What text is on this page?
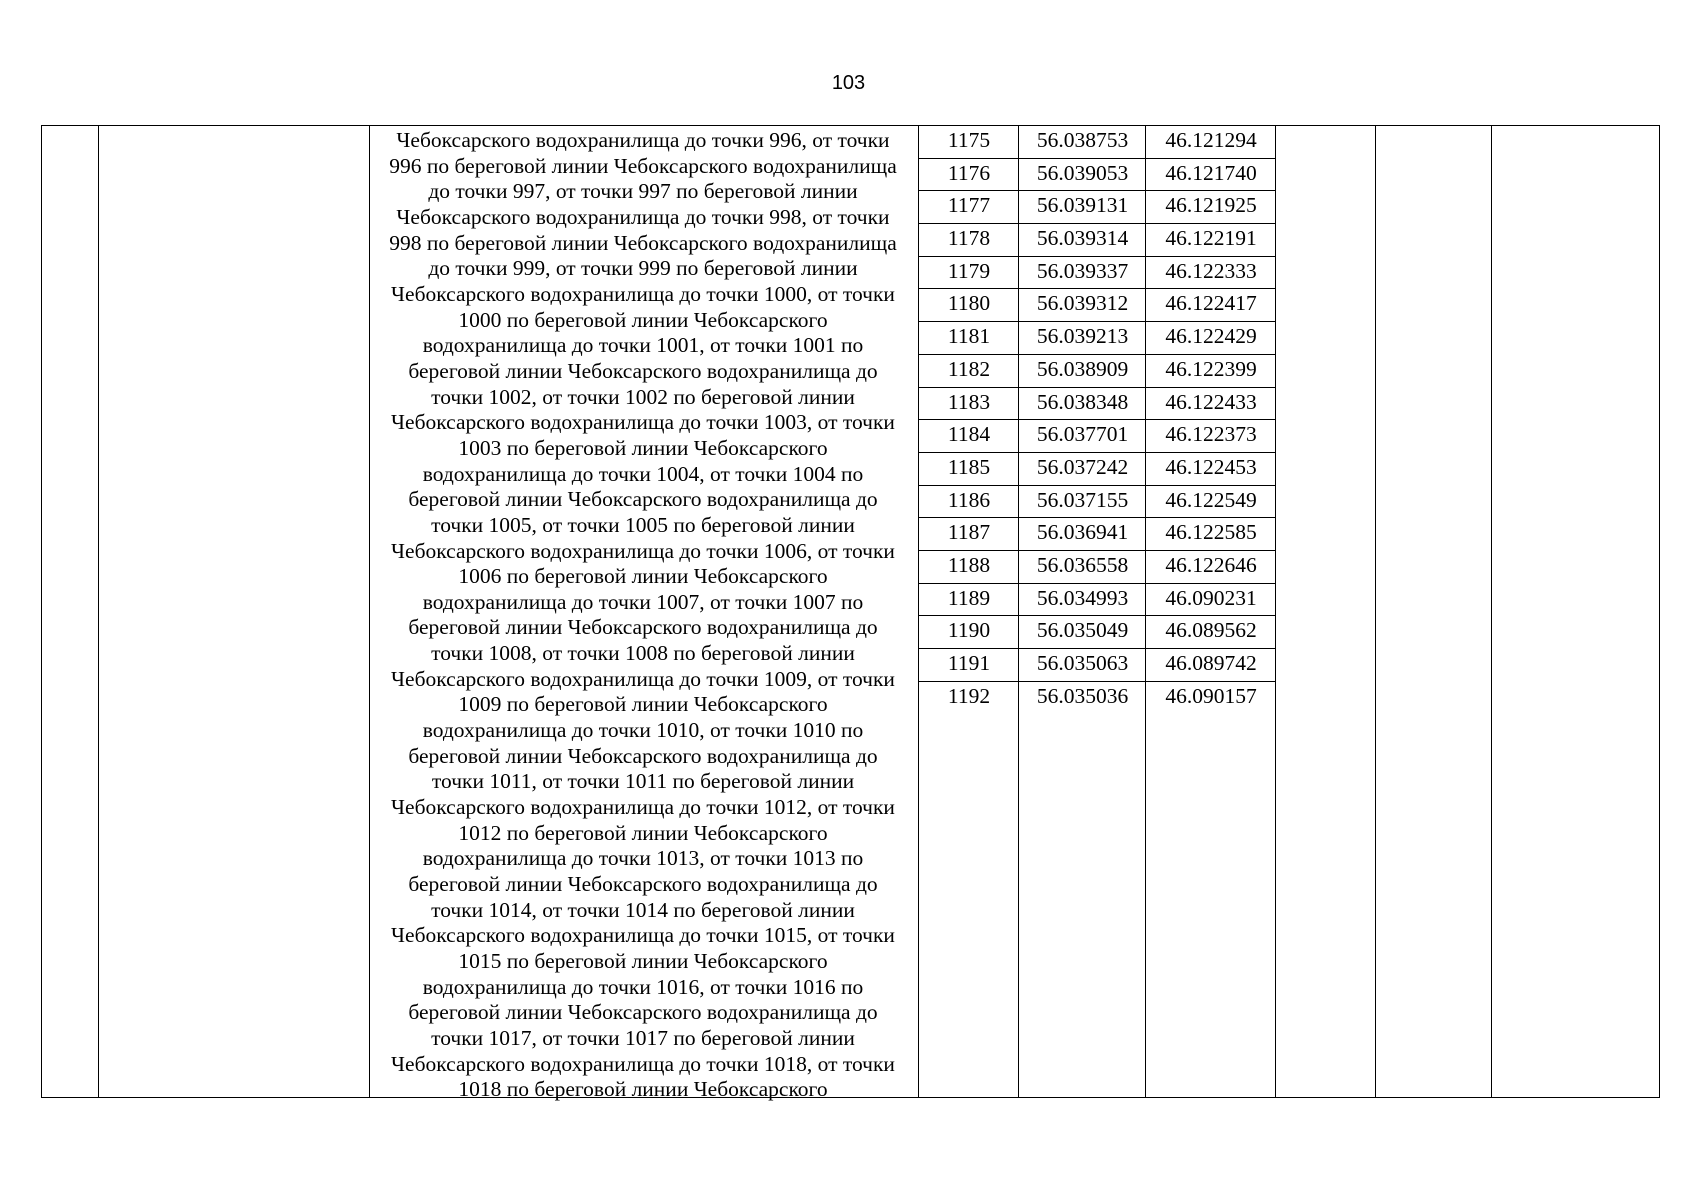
103
Чебоксарского водохранилища до точки 996, от точки
996 по береговой линии Чебоксарского водохранилища
до точки 997, от точки 997 по береговой линии
Чебоксарского водохранилища до точки 998, от точки
998 по береговой линии Чебоксарского водохранилища
до точки 999, от точки 999 по береговой линии
Чебоксарского водохранилища до точки 1000, от точки
1000 по береговой линии Чебоксарского
водохранилища до точки 1001, от точки 1001 по
береговой линии Чебоксарского водохранилища до
точки 1002, от точки 1002 по береговой линии
Чебоксарского водохранилища до точки 1003, от точки
1003 по береговой линии Чебоксарского
водохранилища до точки 1004, от точки 1004 по
береговой линии Чебоксарского водохранилища до
точки 1005, от точки 1005 по береговой линии
Чебоксарского водохранилища до точки 1006, от точки
1006 по береговой линии Чебоксарского
водохранилища до точки 1007, от точки 1007 по
береговой линии Чебоксарского водохранилища до
точки 1008, от точки 1008 по береговой линии
Чебоксарского водохранилища до точки 1009, от точки
1009 по береговой линии Чебоксарского
водохранилища до точки 1010, от точки 1010 по
береговой линии Чебоксарского водохранилища до
точки 1011, от точки 1011 по береговой линии
Чебоксарского водохранилища до точки 1012, от точки
1012 по береговой линии Чебоксарского
водохранилища до точки 1013, от точки 1013 по
береговой линии Чебоксарского водохранилища до
точки 1014, от точки 1014 по береговой линии
Чебоксарского водохранилища до точки 1015, от точки
1015 по береговой линии Чебоксарского
водохранилища до точки 1016, от точки 1016 по
береговой линии Чебоксарского водохранилища до
точки 1017, от точки 1017 по береговой линии
Чебоксарского водохранилища до точки 1018, от точки
1018 по береговой линии Чебоксарского
1175	56.038753	46.121294
1176	56.039053	46.121740
1177	56.039131	46.121925
1178	56.039314	46.122191
1179	56.039337	46.122333
1180	56.039312	46.122417
1181	56.039213	46.122429
1182	56.038909	46.122399
1183	56.038348	46.122433
1184	56.037701	46.122373
1185	56.037242	46.122453
1186	56.037155	46.122549
1187	56.036941	46.122585
1188	56.036558	46.122646
1189	56.034993	46.090231
1190	56.035049	46.089562
1191	56.035063	46.089742
1192	56.035036	46.090157
